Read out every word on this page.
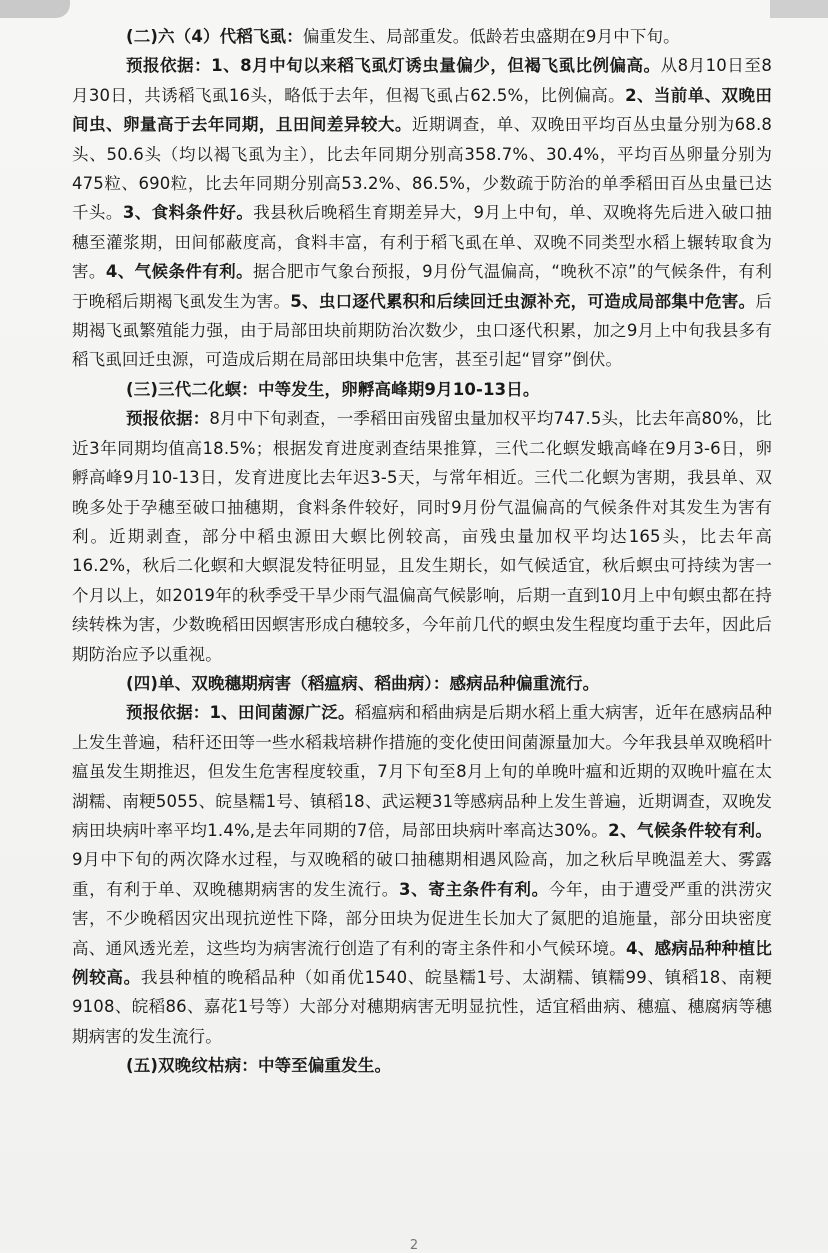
(二)六（4）代稻飞虱：偏重发生、局部重发。低龄若虫盛期在9月中下旬。

预报依据：1、8月中旬以来稻飞虱灯诱虫量偏少，但褐飞虱比例偏高。从8月10日至8月30日，共诱稻飞虱16头，略低于去年，但褐飞虱占62.5%，比例偏高。2、当前单、双晚田间虫、卵量高于去年同期，且田间差异较大。近期调查，单、双晚田平均百丛虫量分别为68.8头、50.6头（均以褐飞虱为主），比去年同期分别高358.7%、30.4%，平均百丛卵量分别为475粒、690粒，比去年同期分别高53.2%、86.5%，少数疏于防治的单季稻田百丛虫量已达千头。3、食料条件好。我县秋后晚稻生育期差异大，9月上中旬，单、双晚将先后进入破口抽穗至灌浆期，田间郁蔽度高，食料丰富，有利于稻飞虱在单、双晚不同类型水稻上辗转取食为害。4、气候条件有利。据合肥市气象台预报，9月份气温偏高，“晚秋不凉”的气候条件，有利于晚稻后期褐飞虱发生为害。5、虫口逐代累积和后续回迁虫源补充，可造成局部集中危害。后期褐飞虱繁殖能力强，由于局部田块前期防治次数少，虫口逐代积累，加之9月上中旬我县多有稻飞虱回迁虫源，可造成后期在局部田块集中危害，甚至引起“冒穿”倒伏。

(三)三代二化螟：中等发生，卵孵高峰期9月10-13日。

预报依据：8月中下旬剥查，一季稻田亩残留虫量加权平均747.5头，比去年高80%，比近3年同期均值高18.5%；根据发育进度剥查结果推算，三代二化螟发蛾高峰在9月3-6日，卵孵高峰9月10-13日，发育进度比去年迟3-5天，与常年相近。三代二化螟为害期，我县单、双晚多处于孕穗至破口抽穗期，食料条件较好，同时9月份气温偏高的气候条件对其发生为害有利。近期剥查，部分中稻虫源田大螟比例较高，亩残虫量加权平均达165头，比去年高16.2%，秋后二化螟和大螟混发特征明显，且发生期长，如气候适宜，秋后螟虫可持续为害一个月以上，如2019年的秋季受干旱少雨气温偏高气候影响，后期一直到10月上中旬螟虫都在持续转株为害，少数晚稻田因螟害形成白穗较多，今年前几代的螟虫发生程度均重于去年，因此后期防治应予以重视。

(四)单、双晚穗期病害（稻瘟病、稻曲病）：感病品种偏重流行。

预报依据：1、田间菌源广泛。稻瘟病和稻曲病是后期水稻上重大病害，近年在感病品种上发生普遍，秸秆还田等一些水稻栽培耕作措施的变化使田间菌源量加大。今年我县单双晚稻叶瘟虽发生期推迟，但发生危害程度较重，7月下旬至8月上旬的单晚叶瘟和近期的双晚叶瘟在太湖糯、南粳5055、皖垦糯1号、镇稻18、武运粳31等感病品种上发生普遍，近期调查，双晚发病田块病叶率平均1.4%,是去年同期的7倍，局部田块病叶率高达30%。2、气候条件较有利。9月中下旬的两次降水过程，与双晚稻的破口抽穗期相遇风险高，加之秋后早晚温差大、雾露重，有利于单、双晚穗期病害的发生流行。3、寄主条件有利。今年，由于遭受严重的洪涝灾害，不少晚稻因灾出现抗逆性下降，部分田块为促进生长加大了氮肥的追施量，部分田块密度高、通风透光差，这些均为病害流行创造了有利的寄主条件和小气候环境。4、感病品种种植比例较高。我县种植的晚稻品种（如甬优1540、皖垦糯1号、太湖糯、镇糯99、镇稻18、南粳9108、皖稻86、嘉花1号等）大部分对穗期病害无明显抗性，适宜稻曲病、穗瘟、穗腐病等穗期病害的发生流行。

(五)双晚纹枯病：中等至偏重发生。

2
